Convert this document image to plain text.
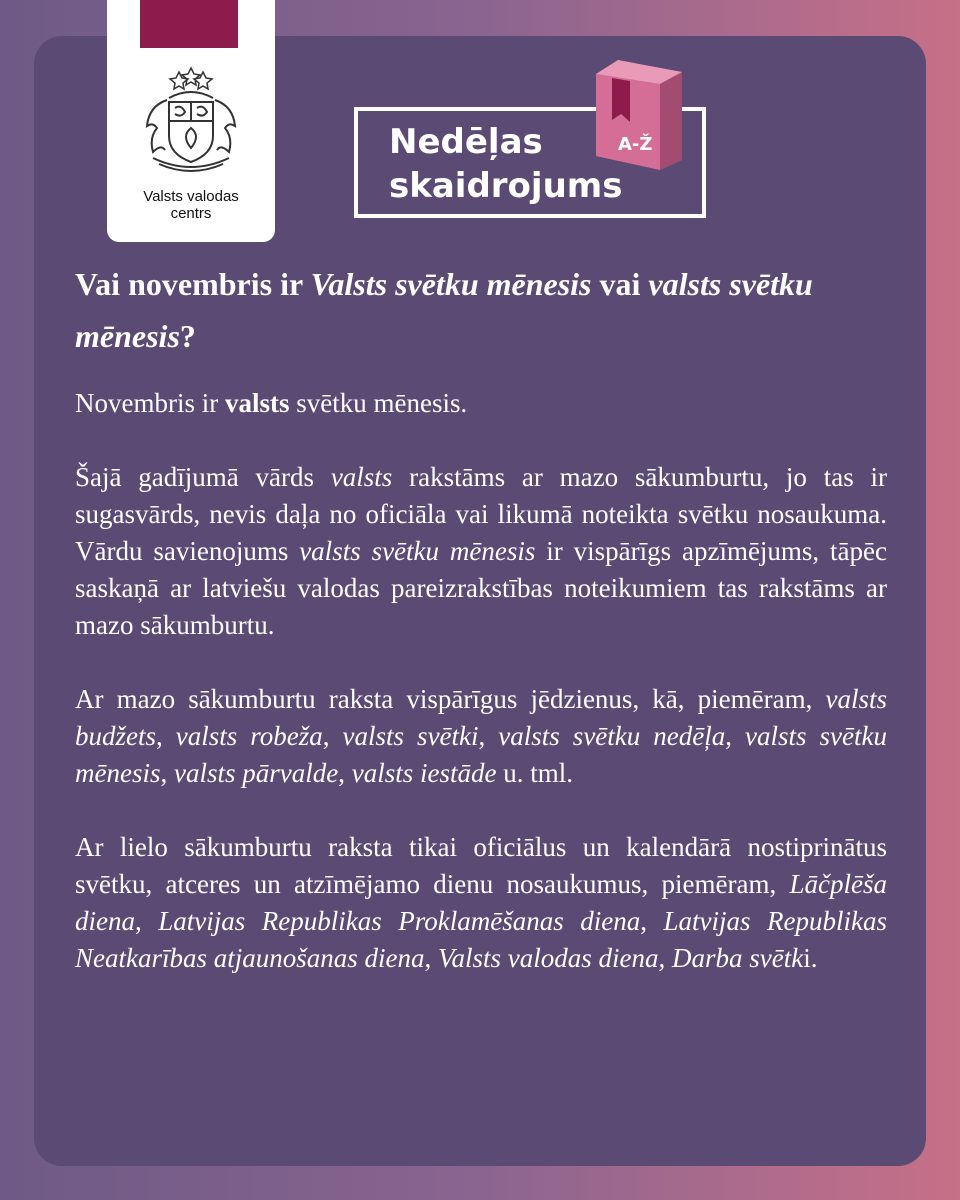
Valsts valodas
centrs
Nedēļas
skaidrojums
A-Ž
Vai novembris ir Valsts svētku mēnesis vai valsts svētku mēnesis?

Novembris ir valsts svētku mēnesis.

Šajā gadījumā vārds valsts rakstāms ar mazo sākumburtu, jo tas ir sugasvārds, nevis daļa no oficiāla vai likumā noteikta svētku nosaukuma. Vārdu savienojums valsts svētku mēnesis ir vispārīgs apzīmējums, tāpēc saskaņā ar latviešu valodas pareizrakstības noteikumiem tas rakstāms ar mazo sākumburtu.

Ar mazo sākumburtu raksta vispārīgus jēdzienus, kā, piemēram, valsts budžets, valsts robeža, valsts svētki, valsts svētku nedēļa, valsts svētku mēnesis, valsts pārvalde, valsts iestāde u. tml.

Ar lielo sākumburtu raksta tikai oficiālus un kalendārā nostiprinātus svētku, atceres un atzīmējamo dienu nosaukumus, piemēram, Lāčplēša diena, Latvijas Republikas Proklamēšanas diena, Latvijas Republikas Neatkarības atjaunošanas diena, Valsts valodas diena, Darba svētki.
